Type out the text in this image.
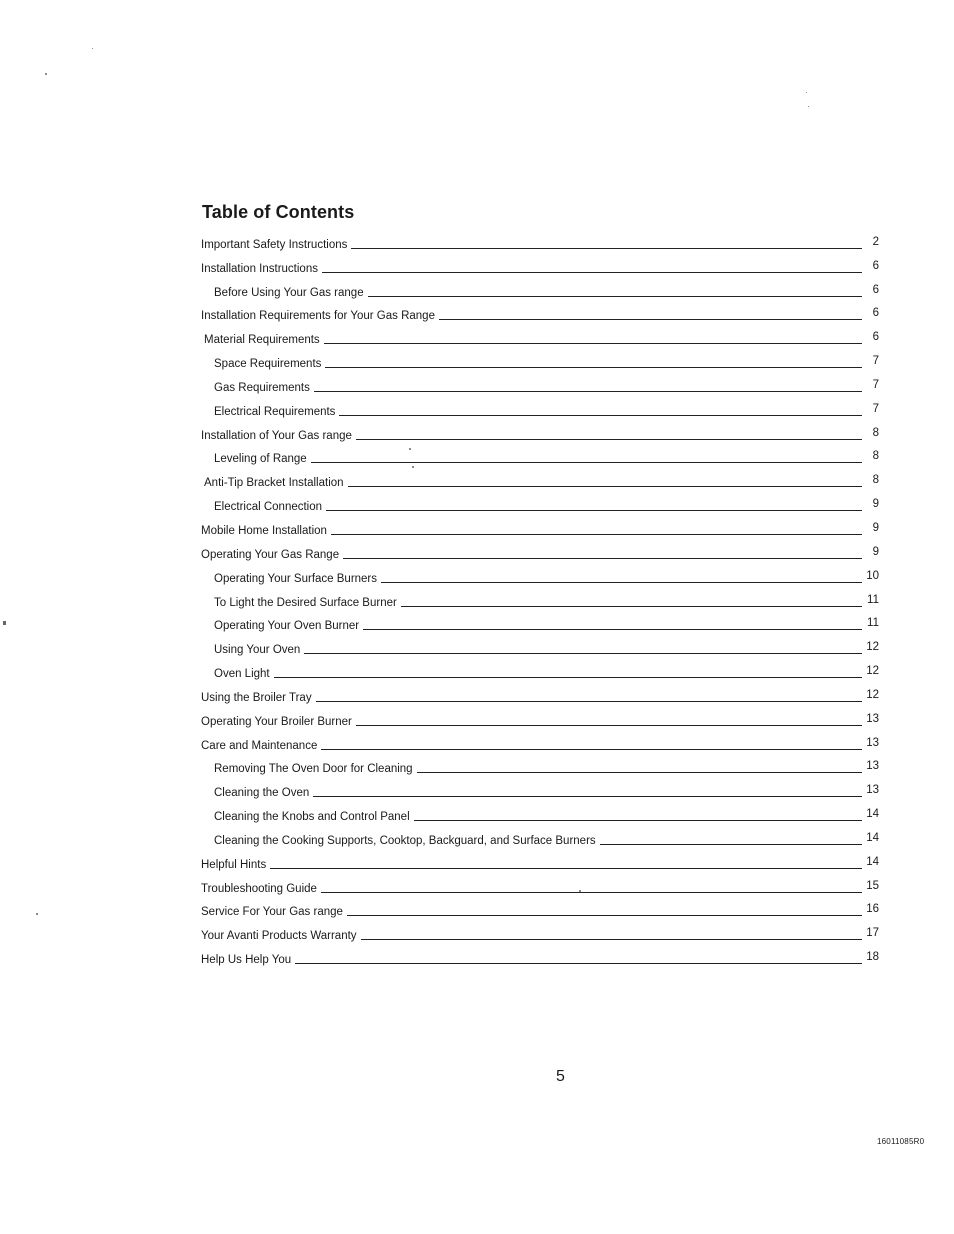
Table of Contents
Important Safety Instructions	2
Installation Instructions	6
Before Using Your Gas range	6
Installation Requirements for Your Gas Range	6
Material Requirements	6
Space Requirements	7
Gas Requirements	7
Electrical Requirements	7
Installation of Your Gas range	8
Leveling of Range	8
Anti-Tip Bracket Installation	8
Electrical Connection	9
Mobile Home Installation	9
Operating Your Gas Range	9
Operating Your Surface Burners	10
To Light the Desired Surface Burner	11
Operating Your Oven Burner	11
Using Your Oven	12
Oven Light	12
Using the Broiler Tray	12
Operating Your Broiler Burner	13
Care and Maintenance	13
Removing The Oven Door for Cleaning	13
Cleaning the Oven	13
Cleaning the Knobs and Control Panel	14
Cleaning the Cooking Supports, Cooktop, Backguard, and Surface Burners	14
Helpful Hints	14
Troubleshooting Guide	15
Service For Your Gas range	16
Your Avanti Products Warranty	17
Help Us Help You	18
5
16011085R0
